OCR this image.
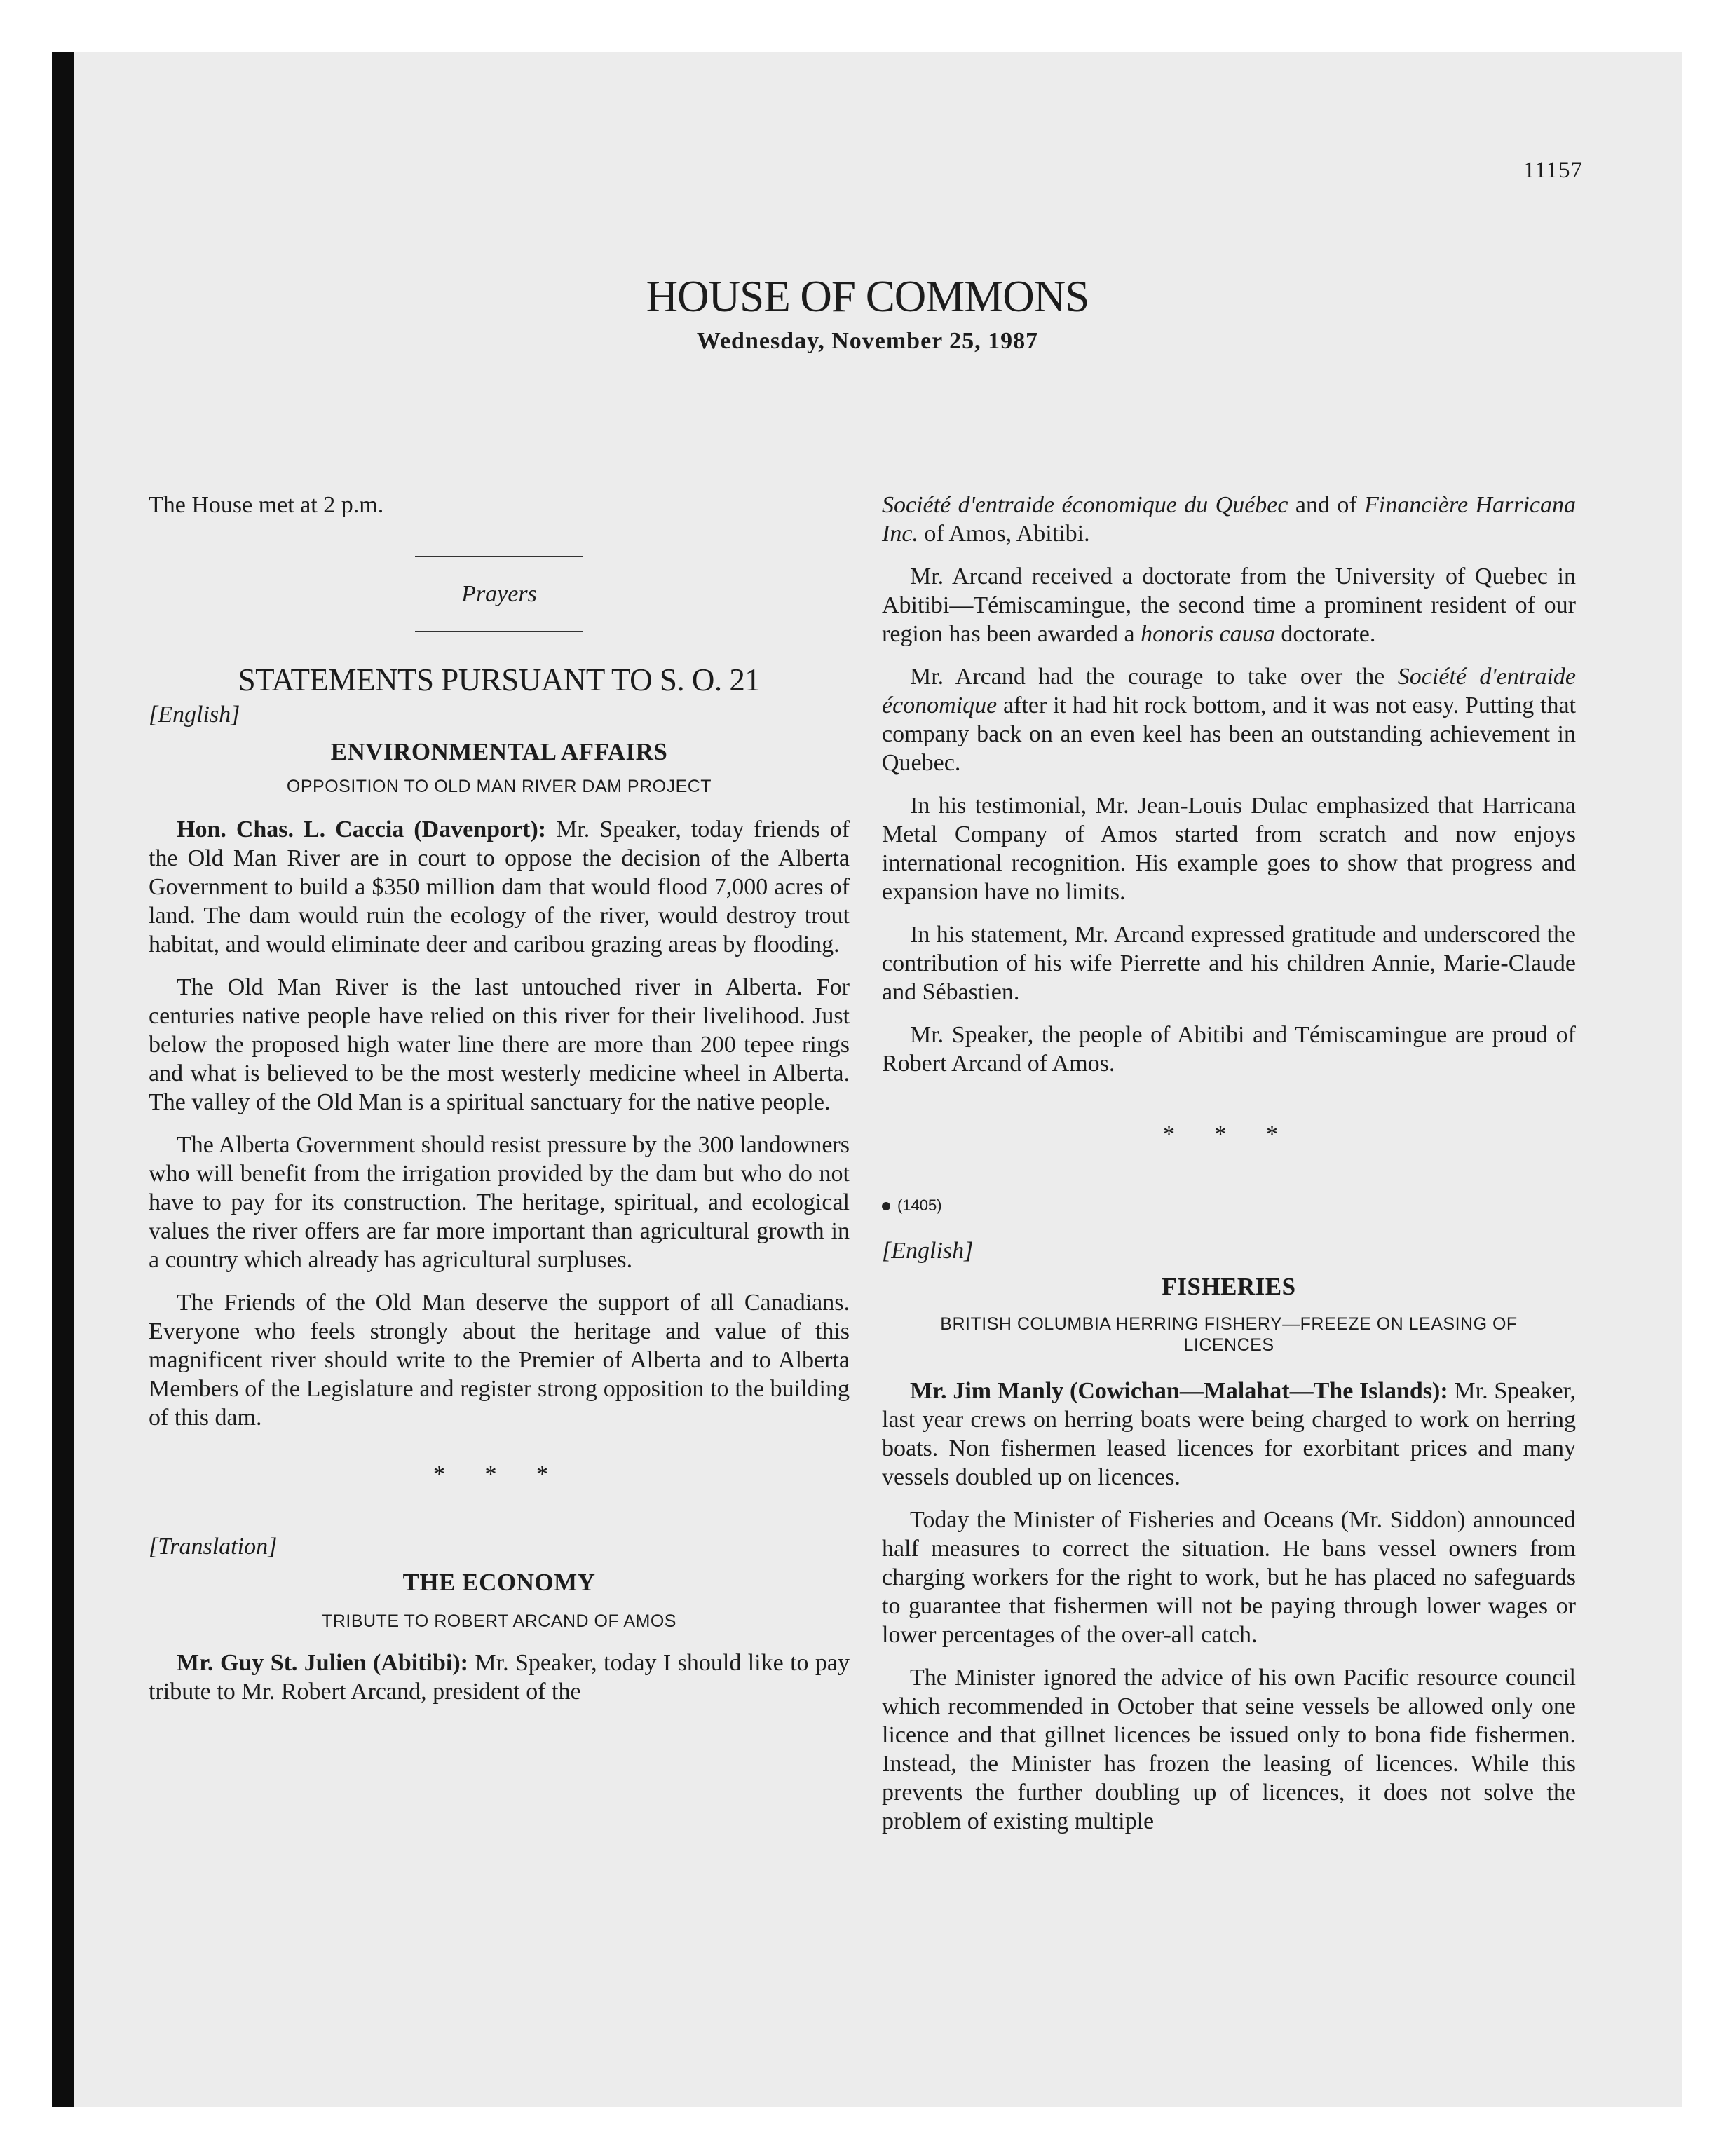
11157
HOUSE OF COMMONS
Wednesday, November 25, 1987

The House met at 2 p.m.

Prayers
STATEMENTS PURSUANT TO S. O. 21
[English]
ENVIRONMENTAL AFFAIRS
OPPOSITION TO OLD MAN RIVER DAM PROJECT

Hon. Chas. L. Caccia (Davenport): Mr. Speaker, today friends of the Old Man River are in court to oppose the decision of the Alberta Government to build a $350 million dam that would flood 7,000 acres of land. The dam would ruin the ecology of the river, would destroy trout habitat, and would eliminate deer and caribou grazing areas by flooding.

The Old Man River is the last untouched river in Alberta. For centuries native people have relied on this river for their livelihood. Just below the proposed high water line there are more than 200 tepee rings and what is believed to be the most westerly medicine wheel in Alberta. The valley of the Old Man is a spiritual sanctuary for the native people.

The Alberta Government should resist pressure by the 300 landowners who will benefit from the irrigation provided by the dam but who do not have to pay for its construction. The heritage, spiritual, and ecological values the river offers are far more important than agricultural growth in a country which already has agricultural surpluses.

The Friends of the Old Man deserve the support of all Canadians. Everyone who feels strongly about the heritage and value of this magnificent river should write to the Premier of Alberta and to Alberta Members of the Legislature and register strong opposition to the building of this dam.

* * *
[Translation]
THE ECONOMY
TRIBUTE TO ROBERT ARCAND OF AMOS

Mr. Guy St. Julien (Abitibi): Mr. Speaker, today I should like to pay tribute to Mr. Robert Arcand, president of the

Société d'entraide économique du Québec and of Financière Harricana Inc. of Amos, Abitibi.

Mr. Arcand received a doctorate from the University of Quebec in Abitibi—Témiscamingue, the second time a prominent resident of our region has been awarded a honoris causa doctorate.

Mr. Arcand had the courage to take over the Société d'entraide économique after it had hit rock bottom, and it was not easy. Putting that company back on an even keel has been an outstanding achievement in Quebec.

In his testimonial, Mr. Jean-Louis Dulac emphasized that Harricana Metal Company of Amos started from scratch and now enjoys international recognition. His example goes to show that progress and expansion have no limits.

In his statement, Mr. Arcand expressed gratitude and underscored the contribution of his wife Pierrette and his children Annie, Marie-Claude and Sébastien.

Mr. Speaker, the people of Abitibi and Témiscamingue are proud of Robert Arcand of Amos.

* * *
(1405)
[English]
FISHERIES
BRITISH COLUMBIA HERRING FISHERY—FREEZE ON LEASING OF LICENCES

Mr. Jim Manly (Cowichan—Malahat—The Islands): Mr. Speaker, last year crews on herring boats were being charged to work on herring boats. Non fishermen leased licences for exorbitant prices and many vessels doubled up on licences.

Today the Minister of Fisheries and Oceans (Mr. Siddon) announced half measures to correct the situation. He bans vessel owners from charging workers for the right to work, but he has placed no safeguards to guarantee that fishermen will not be paying through lower wages or lower percentages of the over-all catch.

The Minister ignored the advice of his own Pacific resource council which recommended in October that seine vessels be allowed only one licence and that gillnet licences be issued only to bona fide fishermen. Instead, the Minister has frozen the leasing of licences. While this prevents the further doubling up of licences, it does not solve the problem of existing multiple
